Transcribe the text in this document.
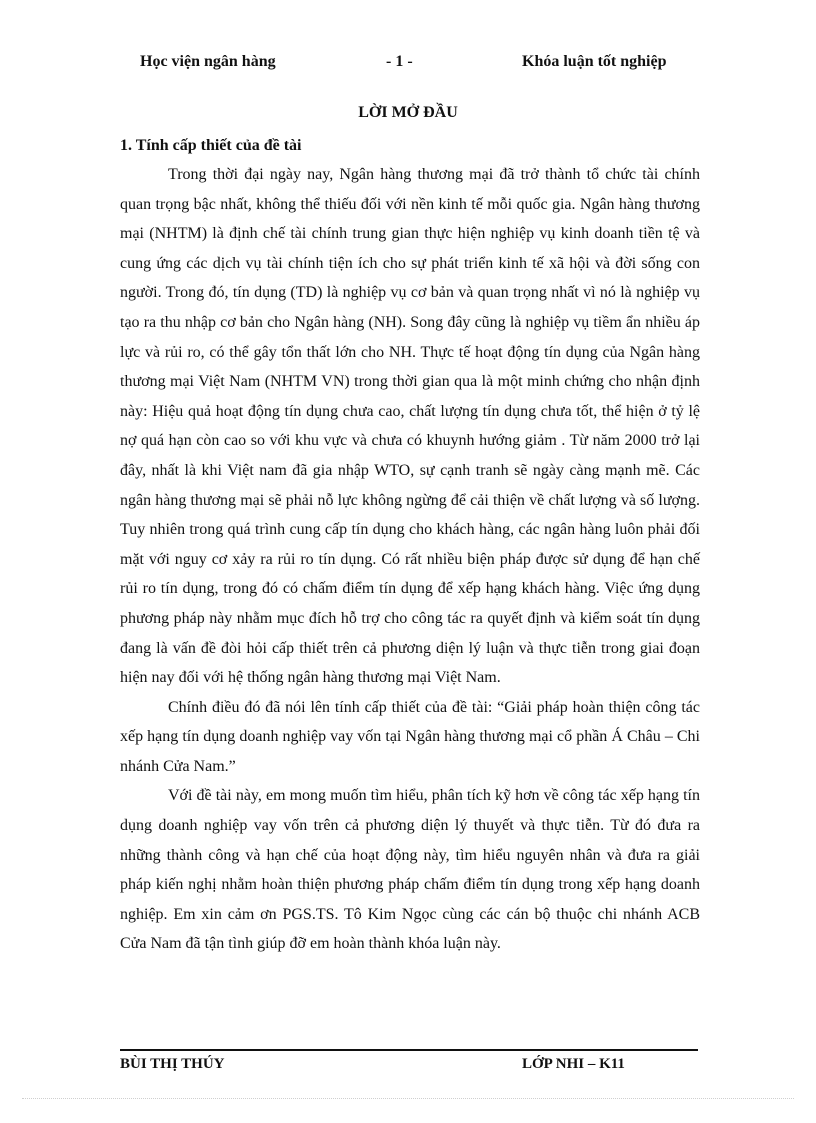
Học viện ngân hàng	- 1 -	Khóa luận tốt nghiệp
LỜI MỞ ĐẦU
1. Tính cấp thiết của đề tài

Trong thời đại ngày nay, Ngân hàng thương mại đã trở thành tổ chức tài chính quan trọng bậc nhất, không thể thiếu đối với nền kinh tế mỗi quốc gia. Ngân hàng thương mại (NHTM) là định chế tài chính trung gian thực hiện nghiệp vụ kinh doanh tiền tệ và cung ứng các dịch vụ tài chính tiện ích cho sự phát triển kinh tế xã hội và đời sống con người. Trong đó, tín dụng (TD) là nghiệp vụ cơ bản và quan trọng nhất vì nó là nghiệp vụ tạo ra thu nhập cơ bản cho Ngân hàng (NH). Song đây cũng là nghiệp vụ tiềm ẩn nhiều áp lực và rủi ro, có thể gây tổn thất lớn cho NH. Thực tế hoạt động tín dụng của Ngân hàng thương mại Việt Nam (NHTM VN) trong thời gian qua là một minh chứng cho nhận định này: Hiệu quả hoạt động tín dụng chưa cao, chất lượng tín dụng chưa tốt, thể hiện ở tỷ lệ nợ quá hạn còn cao so với khu vực và chưa có khuynh hướng giảm . Từ năm 2000 trở lại đây, nhất là khi Việt nam đã gia nhập WTO, sự cạnh tranh sẽ ngày càng mạnh mẽ. Các ngân hàng thương mại sẽ phải nỗ lực không ngừng để cải thiện về chất lượng và số lượng. Tuy nhiên trong quá trình cung cấp tín dụng cho khách hàng, các ngân hàng luôn phải đối mặt với nguy cơ xảy ra rủi ro tín dụng. Có rất nhiều biện pháp được sử dụng để hạn chế rủi ro tín dụng, trong đó có chấm điểm tín dụng để xếp hạng khách hàng. Việc ứng dụng phương pháp này nhằm mục đích hỗ trợ cho công tác ra quyết định và kiểm soát tín dụng đang là vấn đề đòi hỏi cấp thiết trên cả phương diện lý luận và thực tiễn trong giai đoạn hiện nay đối với hệ thống ngân hàng thương mại Việt Nam.

Chính điều đó đã nói lên tính cấp thiết của đề tài: “Giải pháp hoàn thiện công tác xếp hạng tín dụng doanh nghiệp vay vốn tại Ngân hàng thương mại cổ phần Á Châu – Chi nhánh Cửa Nam.”

Với đề tài này, em mong muốn tìm hiểu, phân tích kỹ hơn về công tác xếp hạng tín dụng doanh nghiệp vay vốn trên cả phương diện lý thuyết và thực tiễn. Từ đó đưa ra những thành công và hạn chế của hoạt động này, tìm hiểu nguyên nhân và đưa ra giải pháp kiến nghị nhằm hoàn thiện phương pháp chấm điểm tín dụng trong xếp hạng doanh nghiệp. Em xin cảm ơn PGS.TS. Tô Kim Ngọc cùng các cán bộ thuộc chi nhánh ACB Cửa Nam đã tận tình giúp đỡ em hoàn thành khóa luận này.

BÙI THỊ THÚY	LỚP NHI – K11
